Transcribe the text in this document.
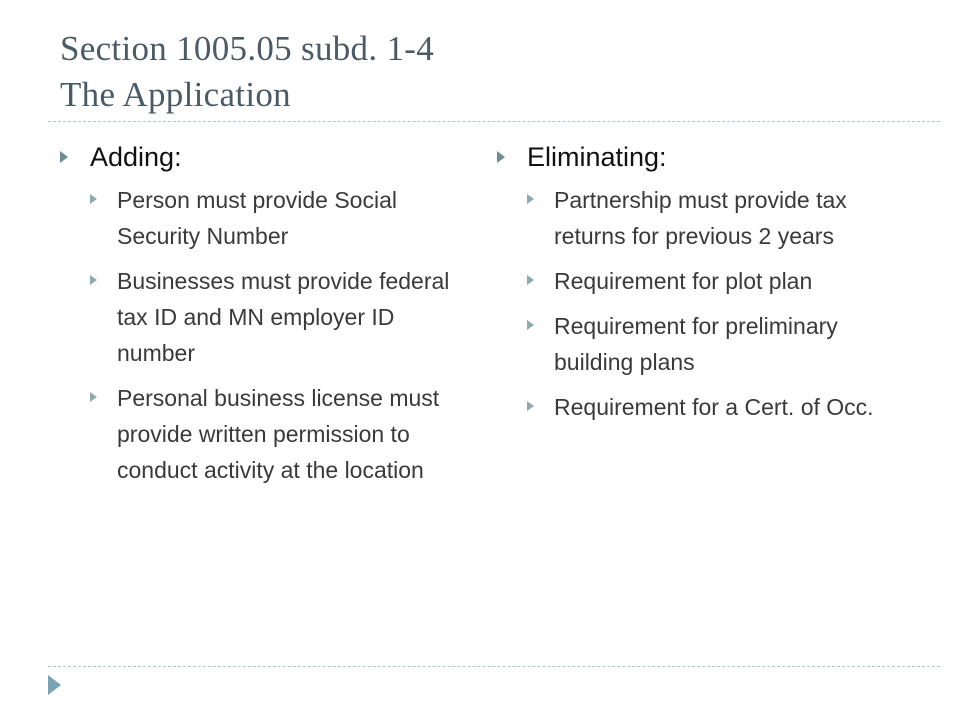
Section 1005.05 subd. 1-4
The Application
Adding:
Person must provide Social Security Number
Businesses must provide federal tax ID and MN employer ID number
Personal business license must provide written permission to conduct activity at the location
Eliminating:
Partnership must provide tax returns for previous 2 years
Requirement for plot plan
Requirement for preliminary building plans
Requirement for a Cert. of Occ.
